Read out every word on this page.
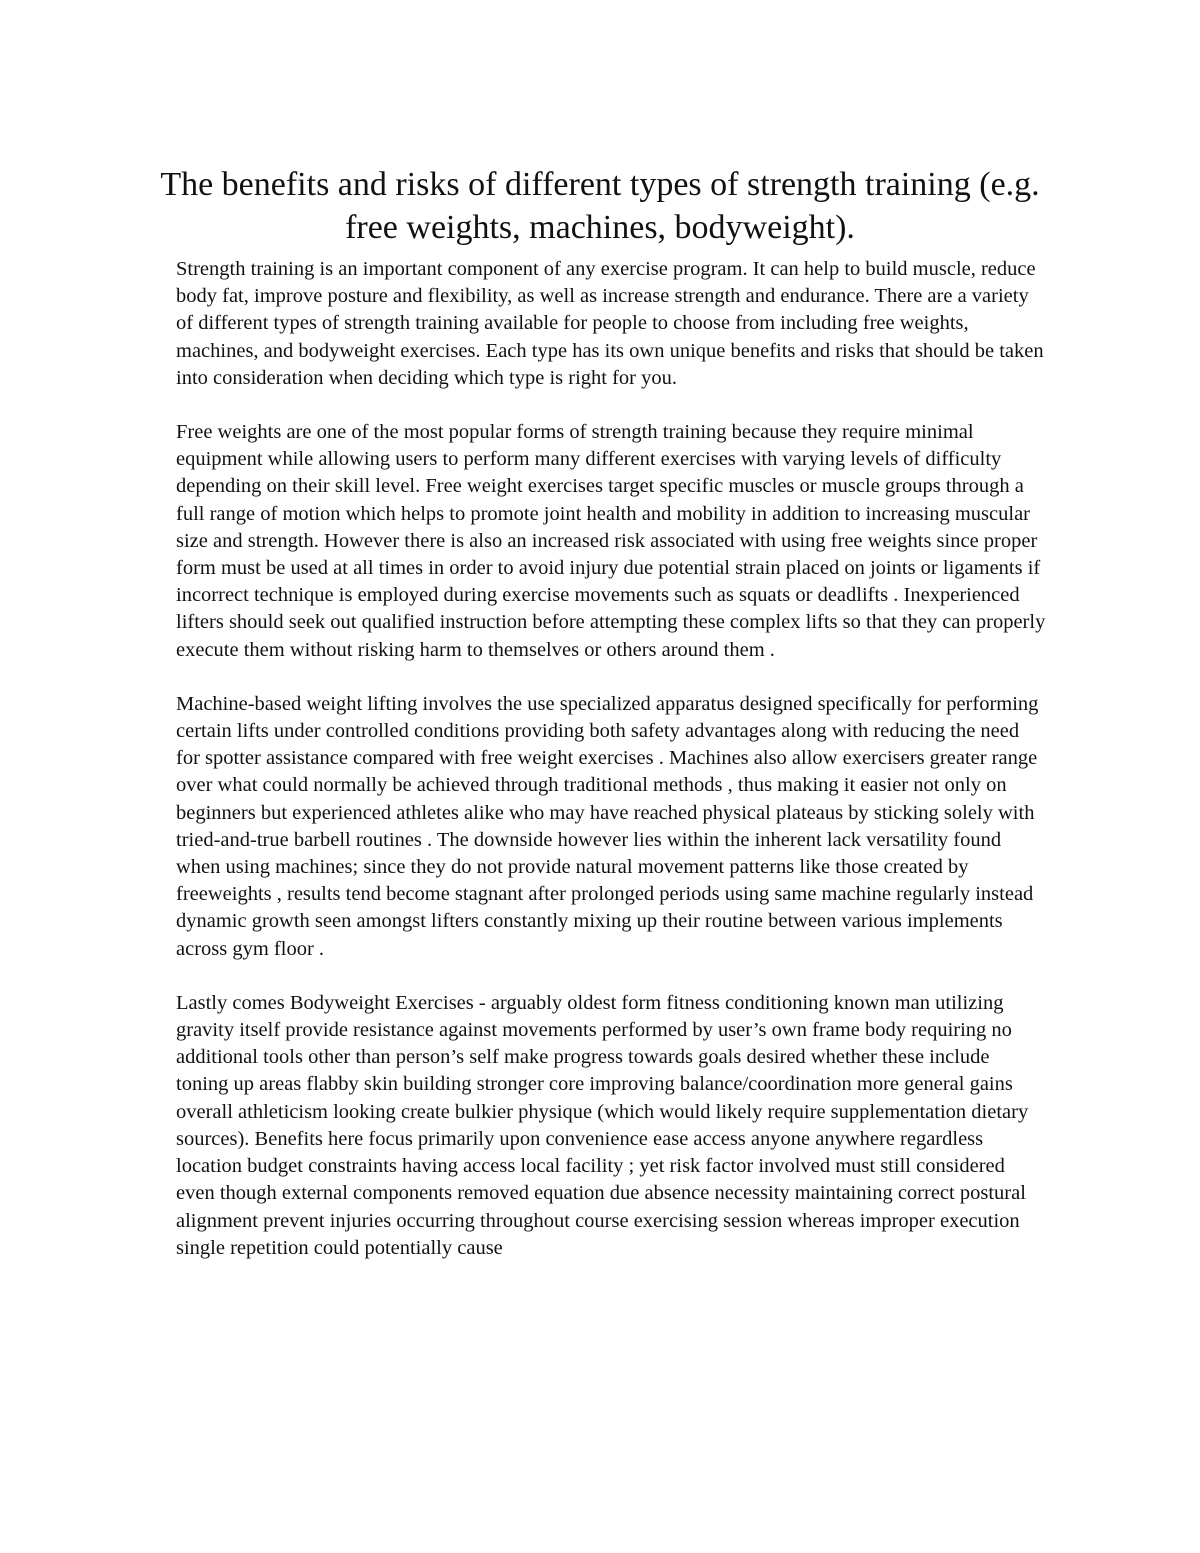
The benefits and risks of different types of strength training (e.g. free weights, machines, bodyweight).

Strength training is an important component of any exercise program. It can help to build muscle, reduce body fat, improve posture and flexibility, as well as increase strength and endurance. There are a variety of different types of strength training available for people to choose from including free weights, machines, and bodyweight exercises. Each type has its own unique benefits and risks that should be taken into consideration when deciding which type is right for you.

Free weights are one of the most popular forms of strength training because they require minimal equipment while allowing users to perform many different exercises with varying levels of difficulty depending on their skill level. Free weight exercises target specific muscles or muscle groups through a full range of motion which helps to promote joint health and mobility in addition to increasing muscular size and strength. However there is also an increased risk associated with using free weights since proper form must be used at all times in order to avoid injury due potential strain placed on joints or ligaments if incorrect technique is employed during exercise movements such as squats or deadlifts . Inexperienced lifters should seek out qualified instruction before attempting these complex lifts so that they can properly execute them without risking harm to themselves or others around them .

Machine-based weight lifting involves the use specialized apparatus designed specifically for performing certain lifts under controlled conditions providing both safety advantages along with reducing the need for spotter assistance compared with free weight exercises . Machines also allow exercisers greater range over what could normally be achieved through traditional methods , thus making it easier not only on beginners but experienced athletes alike who may have reached physical plateaus by sticking solely with tried-and-true barbell routines . The downside however lies within the inherent lack versatility found when using machines; since they do not provide natural movement patterns like those created by freeweights , results tend become stagnant after prolonged periods using same machine regularly instead dynamic growth seen amongst lifters constantly mixing up their routine between various implements across gym floor .

Lastly comes Bodyweight Exercises - arguably oldest form fitness conditioning known man utilizing gravity itself provide resistance against movements performed by user’s own frame body requiring no additional tools other than person’s self make progress towards goals desired whether these include toning up areas flabby skin building stronger core improving balance/coordination more general gains overall athleticism looking create bulkier physique (which would likely require supplementation dietary sources). Benefits here focus primarily upon convenience ease access anyone anywhere regardless location budget constraints having access local facility ; yet risk factor involved must still considered even though external components removed equation due absence necessity maintaining correct postural alignment prevent injuries occurring throughout course exercising session whereas improper execution single repetition could potentially cause
